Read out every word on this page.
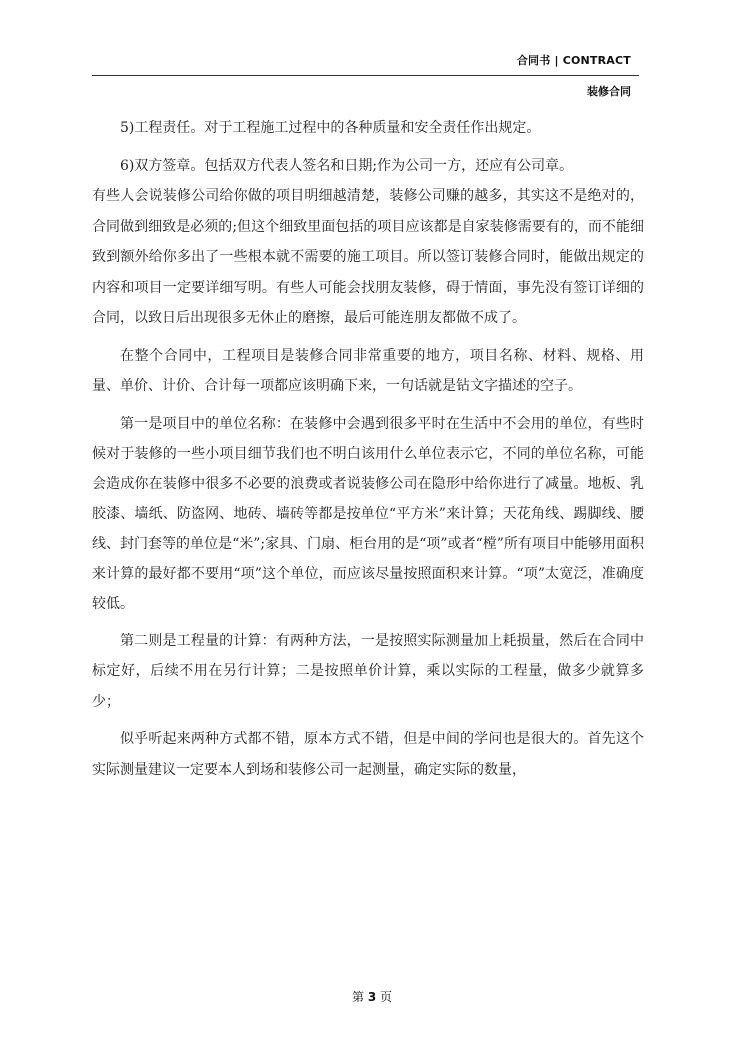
合同书 | CONTRACT
装修合同

5)工程责任。对于工程施工过程中的各种质量和安全责任作出规定。

6)双方签章。包括双方代表人签名和日期;作为公司一方，还应有公司章。

有些人会说装修公司给你做的项目明细越清楚，装修公司赚的越多，其实这不是绝对的，合同做到细致是必须的;但这个细致里面包括的项目应该都是自家装修需要有的，而不能细致到额外给你多出了一些根本就不需要的施工项目。所以签订装修合同时，能做出规定的内容和项目一定要详细写明。有些人可能会找朋友装修，碍于情面，事先没有签订详细的合同，以致日后出现很多无休止的磨擦，最后可能连朋友都做不成了。

在整个合同中，工程项目是装修合同非常重要的地方，项目名称、材料、规格、用量、单价、计价、合计每一项都应该明确下来，一句话就是钻文字描述的空子。

第一是项目中的单位名称：在装修中会遇到很多平时在生活中不会用的单位，有些时候对于装修的一些小项目细节我们也不明白该用什么单位表示它，不同的单位名称，可能会造成你在装修中很多不必要的浪费或者说装修公司在隐形中给你进行了减量。地板、乳胶漆、墙纸、防盗网、地砖、墙砖等都是按单位“平方米”来计算；天花角线、踢脚线、腰线、封门套等的单位是“米”;家具、门扇、柜台用的是“项”或者“樘”所有项目中能够用面积来计算的最好都不要用“项”这个单位，而应该尽量按照面积来计算。“项”太宽泛，准确度较低。

第二则是工程量的计算：有两种方法，一是按照实际测量加上耗损量，然后在合同中标定好，后续不用在另行计算；二是按照单价计算，乘以实际的工程量，做多少就算多少；

似乎听起来两种方式都不错，原本方式不错，但是中间的学问也是很大的。首先这个实际测量建议一定要本人到场和装修公司一起测量，确定实际的数量，

第 3 页
